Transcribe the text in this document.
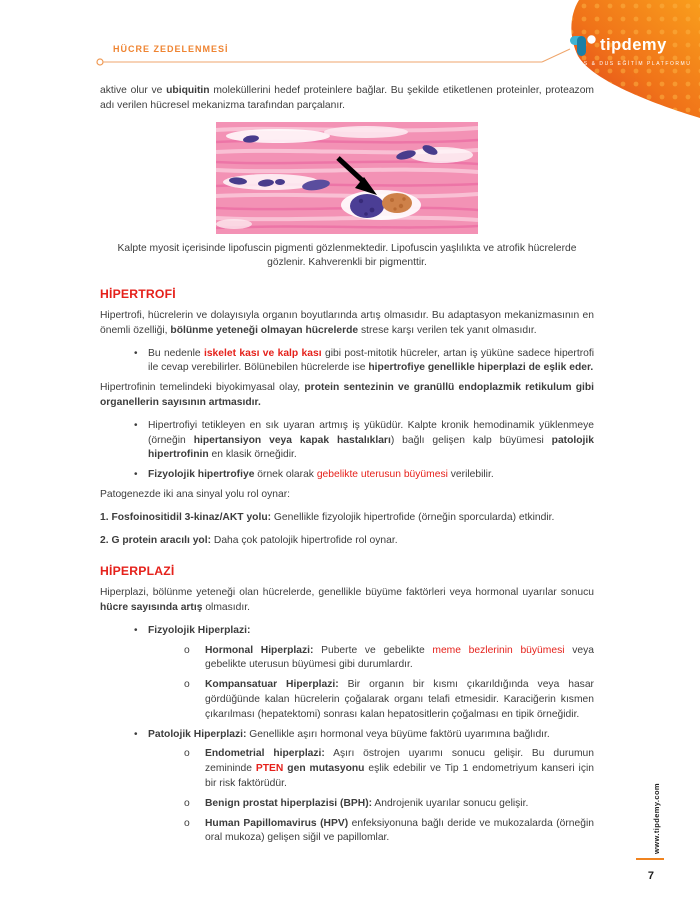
HÜCRE ZEDELENMESİ	tipdemy
TUS & DUS EĞİTİM PLATFORMU
aktive olur ve ubiquitin moleküllerini hedef proteinlere bağlar. Bu şekilde etiketlenen proteinler, proteazom adı verilen hücresel mekanizma tarafından parçalanır.
Kalpte myosit içerisinde lipofuscin pigmenti gözlenmektedir. Lipofuscin yaşlılıkta ve atrofik hücrelerde gözlenir. Kahverenkli bir pigmenttir.
HİPERTROFİ
Hipertrofi, hücrelerin ve dolayısıyla organın boyutlarında artış olmasıdır. Bu adaptasyon mekanizmasının en önemli özelliği, bölünme yeteneği olmayan hücrelerde strese karşı verilen tek yanıt olmasıdır.
•	Bu nedenle iskelet kası ve kalp kası gibi post-mitotik hücreler, artan iş yüküne sadece hipertrofi ile cevap verebilirler. Bölünebilen hücrelerde ise hipertrofiye genellikle hiperplazi de eşlik eder.
Hipertrofinin temelindeki biyokimyasal olay, protein sentezinin ve granüllü endoplazmik retikulum gibi organellerin sayısının artmasıdır.
•	Hipertrofiyi tetikleyen en sık uyaran artmış iş yüküdür. Kalpte kronik hemodinamik yüklenmeye (örneğin hipertansiyon veya kapak hastalıkları) bağlı gelişen kalp büyümesi patolojik hipertrofinin en klasik örneğidir.
•	Fizyolojik hipertrofiye örnek olarak gebelikte uterusun büyümesi verilebilir.
Patogenezde iki ana sinyal yolu rol oynar:
1. Fosfoinositidil 3-kinaz/AKT yolu: Genellikle fizyolojik hipertrofide (örneğin sporcularda) etkindir.
2. G protein aracılı yol: Daha çok patolojik hipertrofide rol oynar.
HİPERPLAZİ
Hiperplazi, bölünme yeteneği olan hücrelerde, genellikle büyüme faktörleri veya hormonal uyarılar sonucu hücre sayısında artış olmasıdır.
•	Fizyolojik Hiperplazi:
o	Hormonal Hiperplazi: Puberte ve gebelikte meme bezlerinin büyümesi veya gebelikte uterusun büyümesi gibi durumlardır.
o	Kompansatuar Hiperplazi: Bir organın bir kısmı çıkarıldığında veya hasar gördüğünde kalan hücrelerin çoğalarak organı telafi etmesidir. Karaciğerin kısmen çıkarılması (hepatektomi) sonrası kalan hepatositlerin çoğalması en tipik örneğidir.
•	Patolojik Hiperplazi: Genellikle aşırı hormonal veya büyüme faktörü uyarımına bağlıdır.
o	Endometrial hiperplazi: Aşırı östrojen uyarımı sonucu gelişir. Bu durumun zemininde PTEN gen mutasyonu eşlik edebilir ve Tip 1 endometriyum kanseri için bir risk faktörüdür.
o	Benign prostat hiperplazisi (BPH): Androjenik uyarılar sonucu gelişir.
o	Human Papillomavirus (HPV) enfeksiyonuna bağlı deride ve mukozalarda (örneğin oral mukoza) gelişen siğil ve papillomlar.	www.tipdemy.com
7
